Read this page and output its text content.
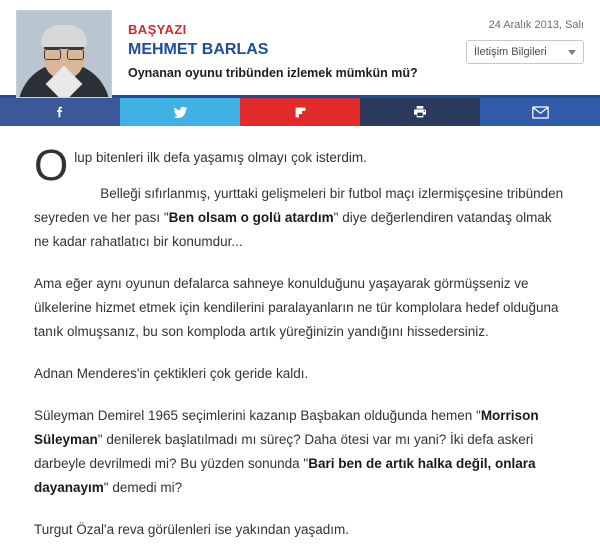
BAŞYAZI
MEHMET BARLAS
Oynanan oyunu tribünden izlemek mümkün mü?
24 Aralık 2013, Salı
İletişim Bilgileri

Olup bitenleri ilk defa yaşamış olmayı çok isterdim.

Belleği sıfırlanmış, yurttaki gelişmeleri bir futbol maçı izlermişçesine tribünden seyreden ve her pası "Ben olsam o golü atardım" diye değerlendiren vatandaş olmak ne kadar rahatlatıcı bir konumdur...

Ama eğer aynı oyunun defalarca sahneye konulduğunu yaşayarak görmüşseniz ve ülkelerine hizmet etmek için kendilerini paralayanların ne tür komplolara hedef olduğuna tanık olmuşsanız, bu son komploda artık yüreğinizin yandığını hissedersiniz.

Adnan Menderes'in çektikleri çok geride kaldı.

Süleyman Demirel 1965 seçimlerini kazanıp Başbakan olduğunda hemen "Morrison Süleyman" denilerek başlatılmadı mı süreç? Daha ötesi var mı yani? İki defa askeri darbeyle devrilmedi mi? Bu yüzden sonunda "Bari ben de artık halka değil, onlara dayanayım" demedi mi?

Turgut Özal'a reva görülenleri ise yakından yaşadım.
